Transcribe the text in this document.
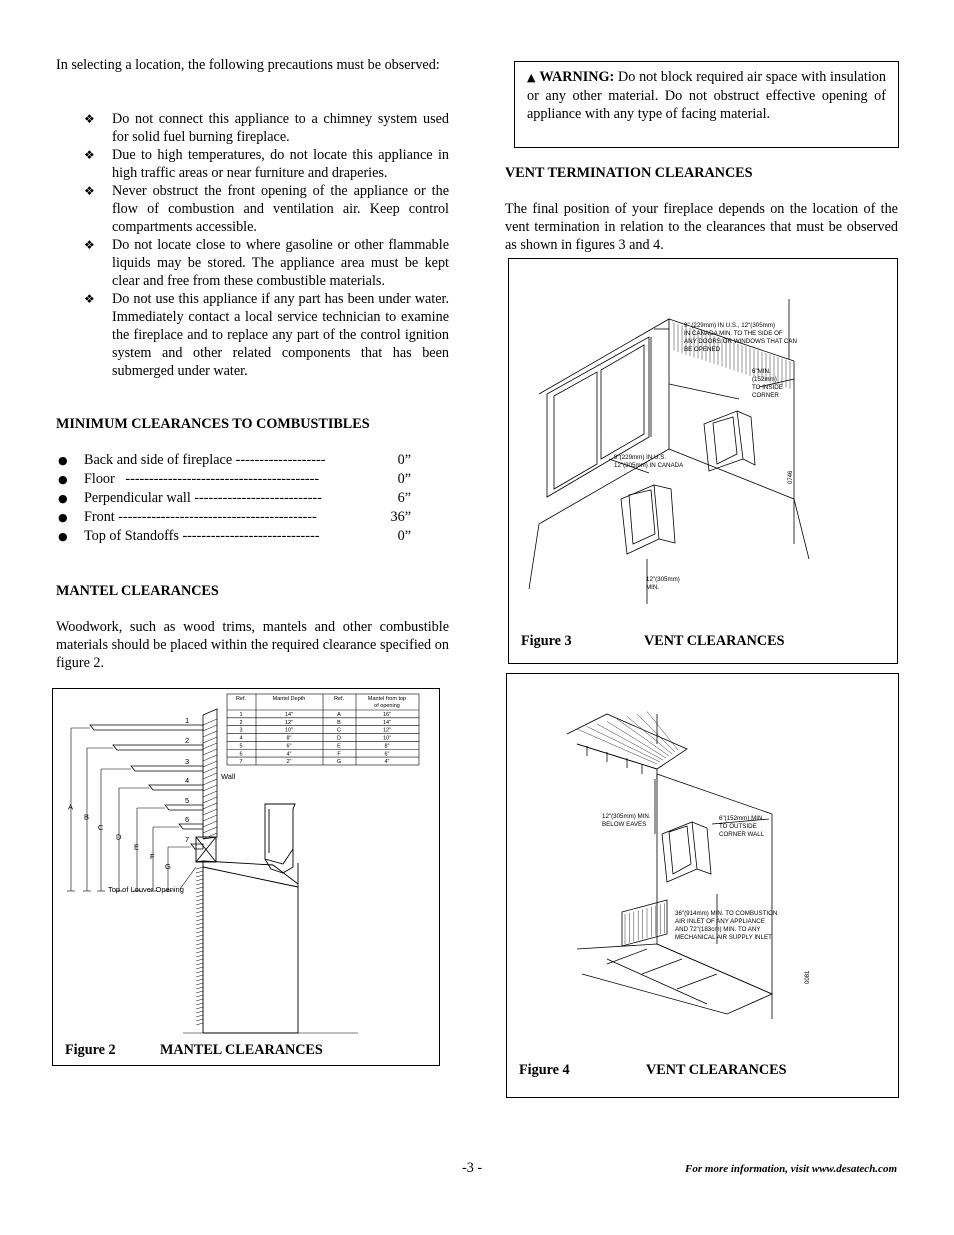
In selecting a location, the following precautions must be observed:

❖ Do not connect this appliance to a chimney system used for solid fuel burning fireplace.
❖ Due to high temperatures, do not locate this appliance in high traffic areas or near furniture and draperies.
❖ Never obstruct the front opening of the appliance or the flow of combustion and ventilation air. Keep control compartments accessible.
❖ Do not locate close to where gasoline or other flammable liquids may be stored. The appliance area must be kept clear and free from these combustible materials.
❖ Do not use this appliance if any part has been under water. Immediately contact a local service technician to examine the fireplace and to replace any part of the control ignition system and other related components that has been submerged under water.
MINIMUM CLEARANCES TO COMBUSTIBLES
● Back and side of fireplace -------------------	0”
● Floor   -----------------------------------------	0”
● Perpendicular wall ---------------------------	6”
● Front ------------------------------------------	36”
● Top of Standoffs -----------------------------	0”
MANTEL CLEARANCES

Woodwork, such as wood trims, mantels and other combustible materials should be placed within the required clearance specified on figure 2.

Ref.	Mantel Depth	Ref.	Mantel from top
of opening
1	14"	A	16"
2	12"	B	14"
3	10"	C	12"
4	8"	D	10"
5	6"	E	8"
6	4"	F	6"
7	2"	G	4"
1
2
3
4
5
6
7
A
B
C
D
E
F
G
Top of Louver Opening
Wall
Figure 2	MANTEL CLEARANCES

▲ WARNING: Do not block required air space with insulation or any other material. Do not obstruct effective opening of appliance with any type of facing material.

VENT TERMINATION CLEARANCES

The final position of your fireplace depends on the location of the vent termination in relation to the clearances that must be observed as shown in figures 3 and 4.

9" (229mm) IN U.S., 12"(305mm) IN CANADA MIN. TO THE SIDE OF ANY DOORS OR WINDOWS THAT CAN BE OPENED
6"MIN. (152mm) TO INSIDE CORNER
9"(229mm) IN U.S. 12"(305mm) IN CANADA
12"(305mm) MIN.
0746
Figure 3	VENT CLEARANCES
12"(305mm) MIN. BELOW EAVES
6"(152mm) MIN. TO OUTSIDE CORNER WALL
36"(914mm) MIN. TO COMBUSTION AIR INLET OF ANY APPLIANCE AND 72"(183cm) MIN. TO ANY MECHANICAL AIR SUPPLY INLET
0081
Figure 4	VENT CLEARANCES
-3 -	For more information, visit www.desatech.com
